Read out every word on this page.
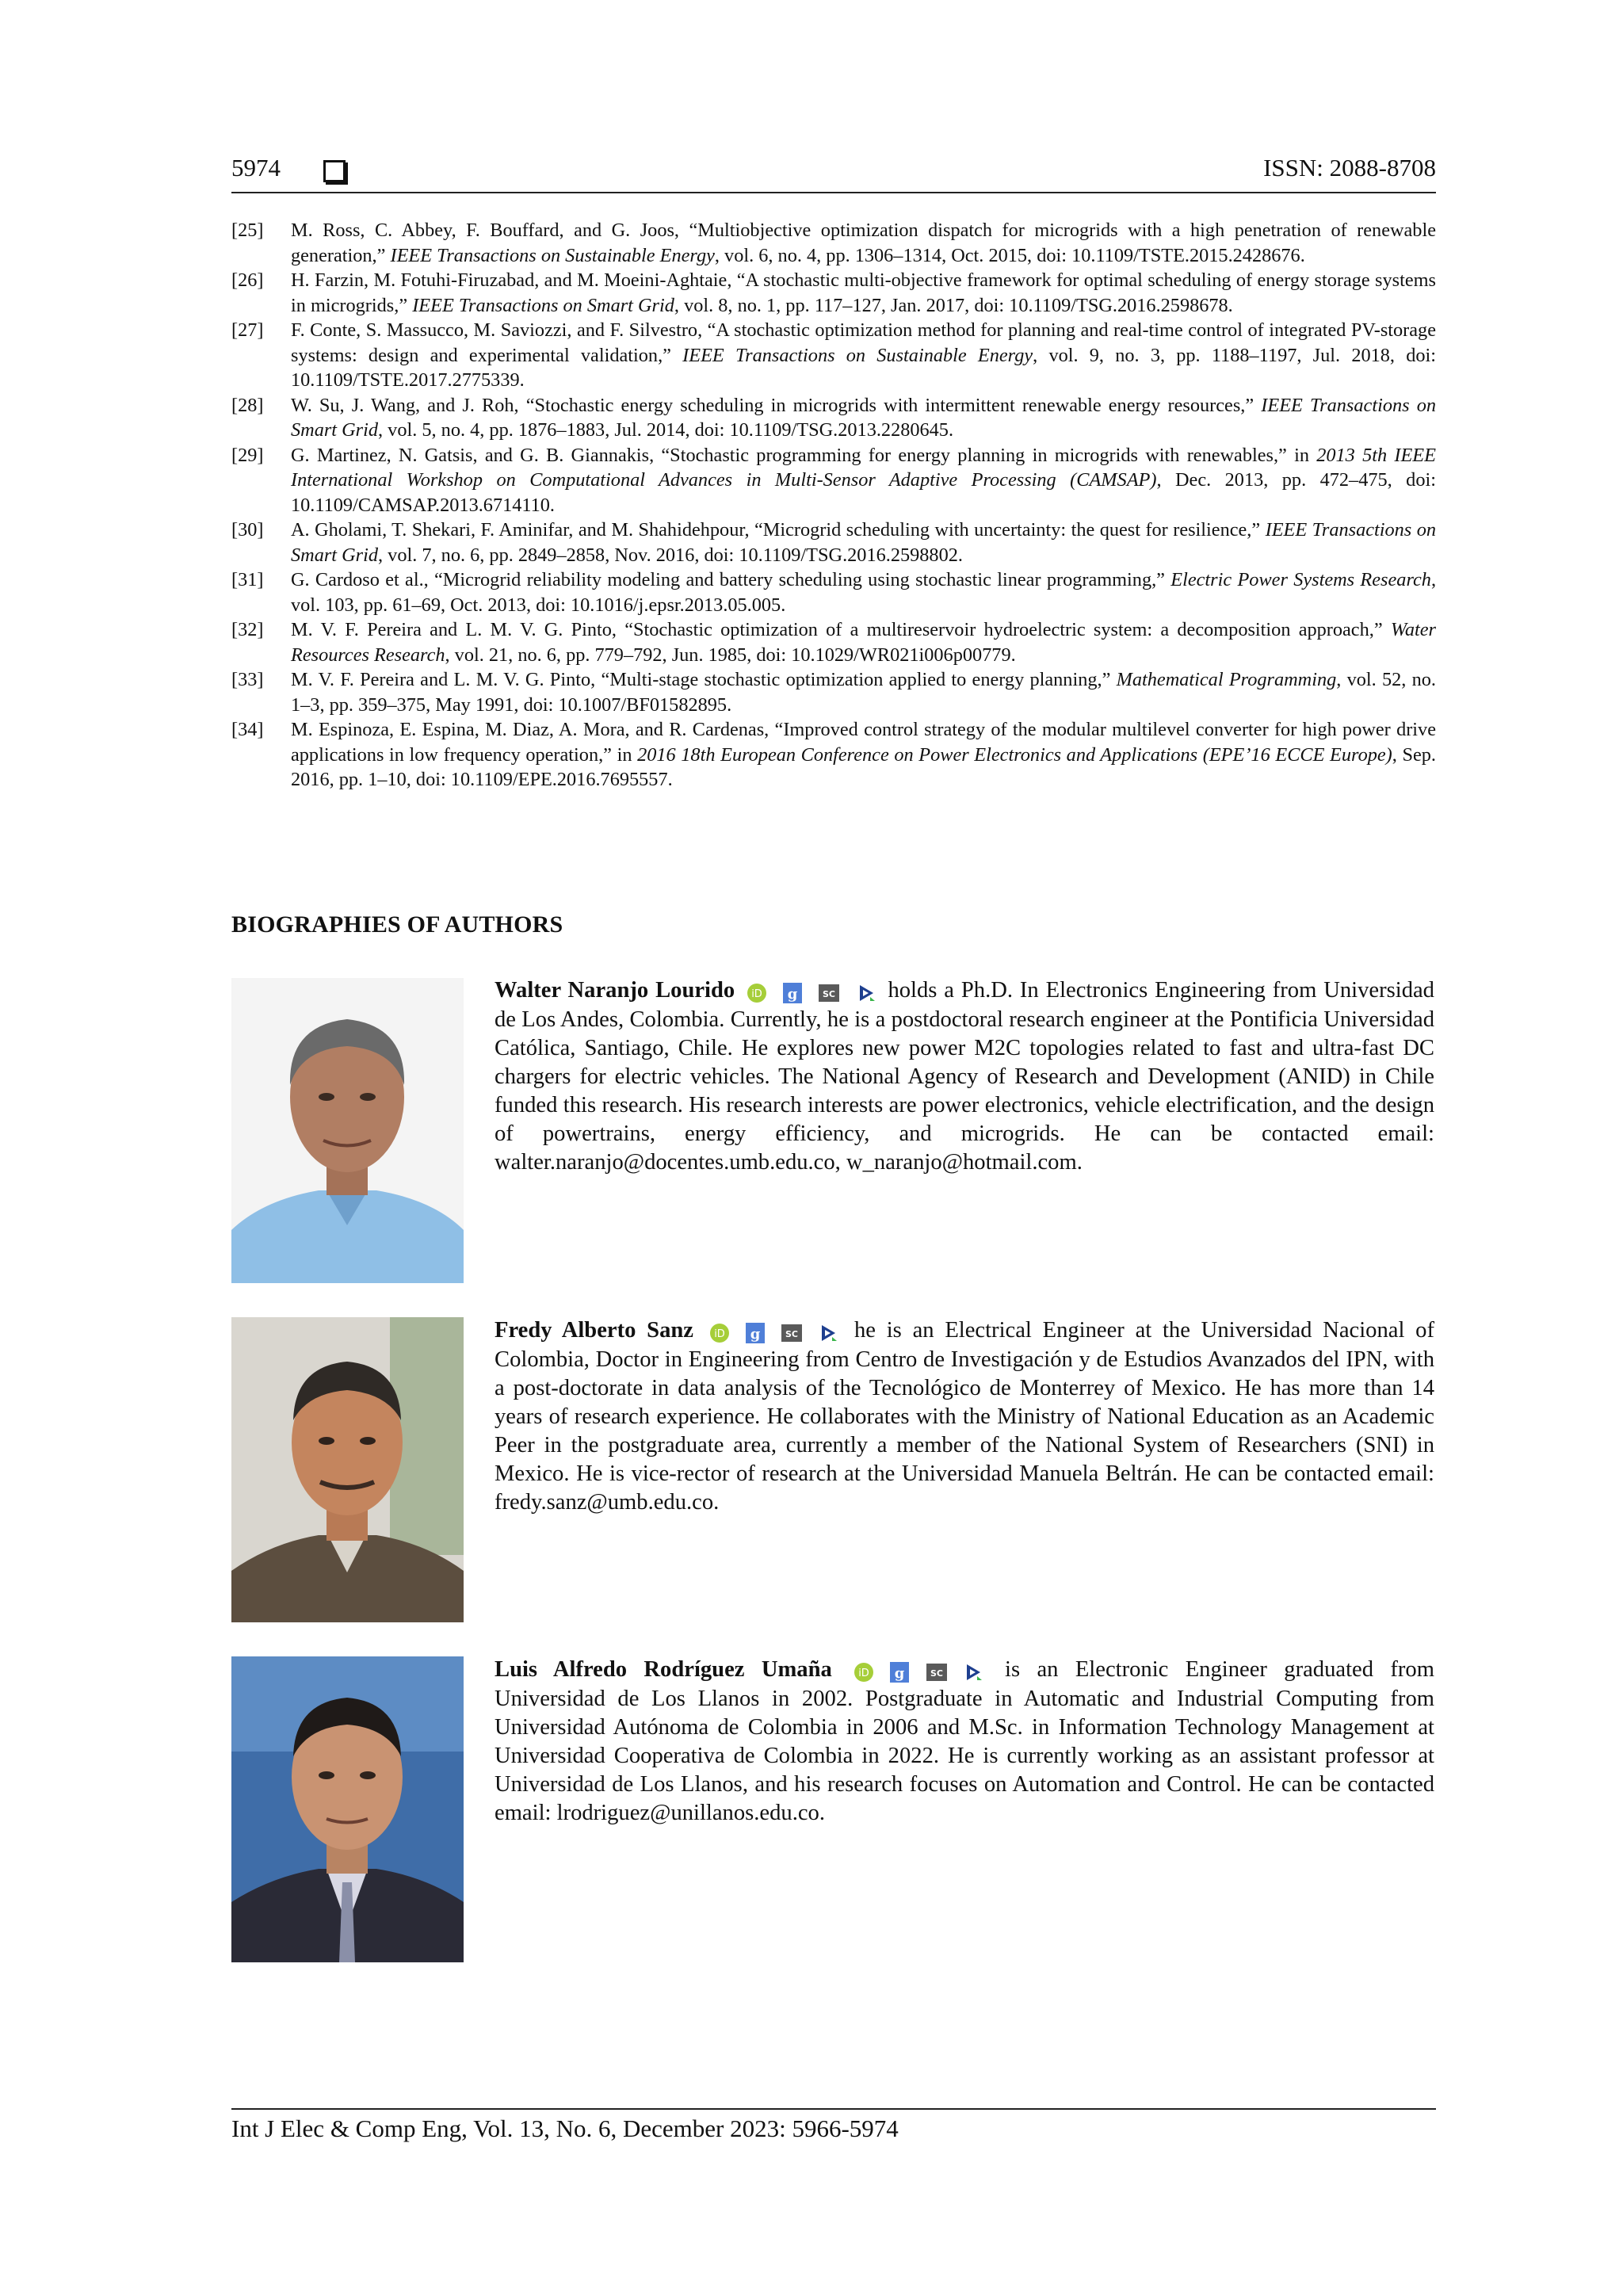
5974	ISSN: 2088-8708
[25]	M. Ross, C. Abbey, F. Bouffard, and G. Joos, “Multiobjective optimization dispatch for microgrids with a high penetration of renewable generation,” IEEE Transactions on Sustainable Energy, vol. 6, no. 4, pp. 1306–1314, Oct. 2015, doi: 10.1109/TSTE.2015.2428676.
[26]	H. Farzin, M. Fotuhi-Firuzabad, and M. Moeini-Aghtaie, “A stochastic multi-objective framework for optimal scheduling of energy storage systems in microgrids,” IEEE Transactions on Smart Grid, vol. 8, no. 1, pp. 117–127, Jan. 2017, doi: 10.1109/TSG.2016.2598678.
[27]	F. Conte, S. Massucco, M. Saviozzi, and F. Silvestro, “A stochastic optimization method for planning and real-time control of integrated PV-storage systems: design and experimental validation,” IEEE Transactions on Sustainable Energy, vol. 9, no. 3, pp. 1188–1197, Jul. 2018, doi: 10.1109/TSTE.2017.2775339.
[28]	W. Su, J. Wang, and J. Roh, “Stochastic energy scheduling in microgrids with intermittent renewable energy resources,” IEEE Transactions on Smart Grid, vol. 5, no. 4, pp. 1876–1883, Jul. 2014, doi: 10.1109/TSG.2013.2280645.
[29]	G. Martinez, N. Gatsis, and G. B. Giannakis, “Stochastic programming for energy planning in microgrids with renewables,” in 2013 5th IEEE International Workshop on Computational Advances in Multi-Sensor Adaptive Processing (CAMSAP), Dec. 2013, pp. 472–475, doi: 10.1109/CAMSAP.2013.6714110.
[30]	A. Gholami, T. Shekari, F. Aminifar, and M. Shahidehpour, “Microgrid scheduling with uncertainty: the quest for resilience,” IEEE Transactions on Smart Grid, vol. 7, no. 6, pp. 2849–2858, Nov. 2016, doi: 10.1109/TSG.2016.2598802.
[31]	G. Cardoso et al., “Microgrid reliability modeling and battery scheduling using stochastic linear programming,” Electric Power Systems Research, vol. 103, pp. 61–69, Oct. 2013, doi: 10.1016/j.epsr.2013.05.005.
[32]	M. V. F. Pereira and L. M. V. G. Pinto, “Stochastic optimization of a multireservoir hydroelectric system: a decomposition approach,” Water Resources Research, vol. 21, no. 6, pp. 779–792, Jun. 1985, doi: 10.1029/WR021i006p00779.
[33]	M. V. F. Pereira and L. M. V. G. Pinto, “Multi-stage stochastic optimization applied to energy planning,” Mathematical Programming, vol. 52, no. 1–3, pp. 359–375, May 1991, doi: 10.1007/BF01582895.
[34]	M. Espinoza, E. Espina, M. Diaz, A. Mora, and R. Cardenas, “Improved control strategy of the modular multilevel converter for high power drive applications in low frequency operation,” in 2016 18th European Conference on Power Electronics and Applications (EPE’16 ECCE Europe), Sep. 2016, pp. 1–10, doi: 10.1109/EPE.2016.7695557.
BIOGRAPHIES OF AUTHORS
Walter Naranjo Lourido iD
g
	SC holds a Ph.D. In Electronics Engineering from Universidad de Los Andes, Colombia. Currently, he is a postdoctoral research engineer at the Pontificia Universidad Católica, Santiago, Chile. He explores new power M2C topologies related to fast and ultra-fast DC chargers for electric vehicles. The National Agency of Research and Development (ANID) in Chile funded this research. His research interests are power electronics, vehicle electrification, and the design of powertrains, energy efficiency, and microgrids. He can be contacted email: walter.naranjo@docentes.umb.edu.co, w_naranjo@hotmail.com.
Fredy Alberto Sanz iD
g
	SC he is an Electrical Engineer at the Universidad Nacional of Colombia, Doctor in Engineering from Centro de Investigación y de Estudios Avanzados del IPN, with a post-doctorate in data analysis of the Tecnológico de Monterrey of Mexico. He has more than 14 years of research experience. He collaborates with the Ministry of National Education as an Academic Peer in the postgraduate area, currently a member of the National System of Researchers (SNI) in Mexico. He is vice-rector of research at the Universidad Manuela Beltrán. He can be contacted email: fredy.sanz@umb.edu.co.
Luis Alfredo Rodríguez Umaña	iD
g
	SC	is an Electronic Engineer graduated from Universidad de Los Llanos in 2002. Postgraduate in Automatic and Industrial Computing from Universidad Autónoma de Colombia in 2006 and M.Sc. in Information Technology Management at Universidad Cooperativa de Colombia in 2022. He is currently working as an assistant professor at Universidad de Los Llanos, and his research focuses on Automation and Control. He can be contacted email: lrodriguez@unillanos.edu.co.
Int J Elec & Comp Eng, Vol. 13, No. 6, December 2023: 5966-5974
